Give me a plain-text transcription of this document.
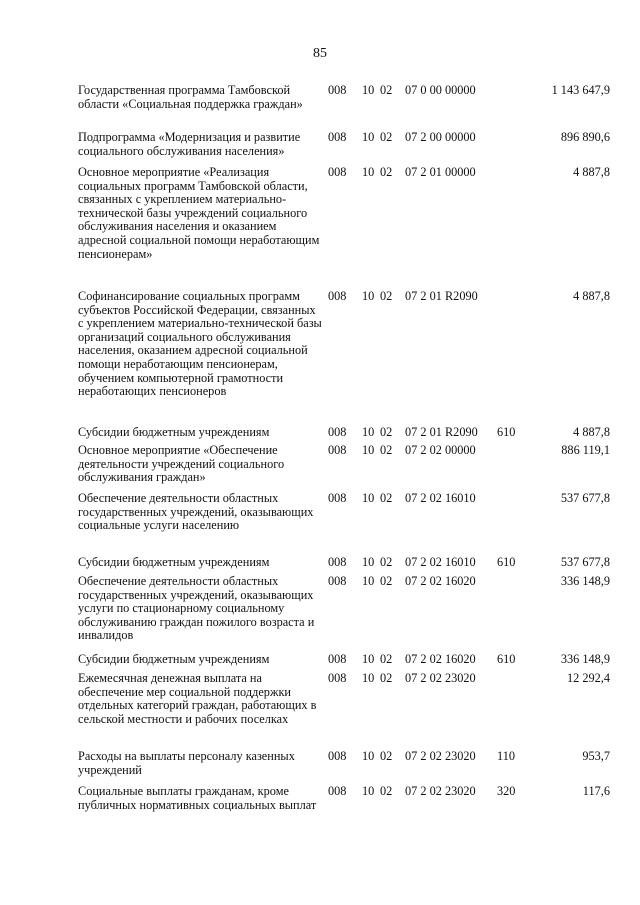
85
Государственная программа Тамбовской области «Социальная поддержка граждан»
008 10 02 07 0 00 00000	1 143 647,9
Подпрограмма «Модернизация и развитие социального обслуживания населения»
008 10 02 07 2 00 00000	896 890,6
Основное мероприятие «Реализация социальных программ Тамбовской области, связанных с укреплением материально-технической базы учреждений социального обслуживания населения и оказанием адресной социальной помощи неработающим пенсионерам»
008 10 02 07 2 01 00000	4 887,8
Софинансирование социальных программ субъектов Российской Федерации, связанных с укреплением материально-технической базы организаций социального обслуживания населения, оказанием адресной социальной помощи неработающим пенсионерам, обучением компьютерной грамотности неработающих пенсионеров
008 10 02 07 2 01 R2090	4 887,8
Субсидии бюджетным учреждениям	008 10 02 07 2 01 R2090 610	4 887,8
Основное мероприятие «Обеспечение деятельности учреждений социального обслуживания граждан»
008 10 02 07 2 02 00000	886 119,1
Обеспечение деятельности областных государственных учреждений, оказывающих социальные услуги населению
008 10 02 07 2 02 16010	537 677,8
Субсидии бюджетным учреждениям	008 10 02 07 2 02 16010 610	537 677,8
Обеспечение деятельности областных государственных учреждений, оказывающих услуги по стационарному социальному обслуживанию граждан пожилого возраста и инвалидов
008 10 02 07 2 02 16020	336 148,9
Субсидии бюджетным учреждениям	008 10 02 07 2 02 16020 610	336 148,9
Ежемесячная денежная выплата на обеспечение мер социальной поддержки отдельных категорий граждан, работающих в сельской местности и рабочих поселках
008 10 02 07 2 02 23020	12 292,4
Расходы на выплаты персоналу казенных учреждений
008 10 02 07 2 02 23020 110	953,7
Социальные выплаты гражданам, кроме публичных нормативных социальных выплат
008 10 02 07 2 02 23020 320	117,6
